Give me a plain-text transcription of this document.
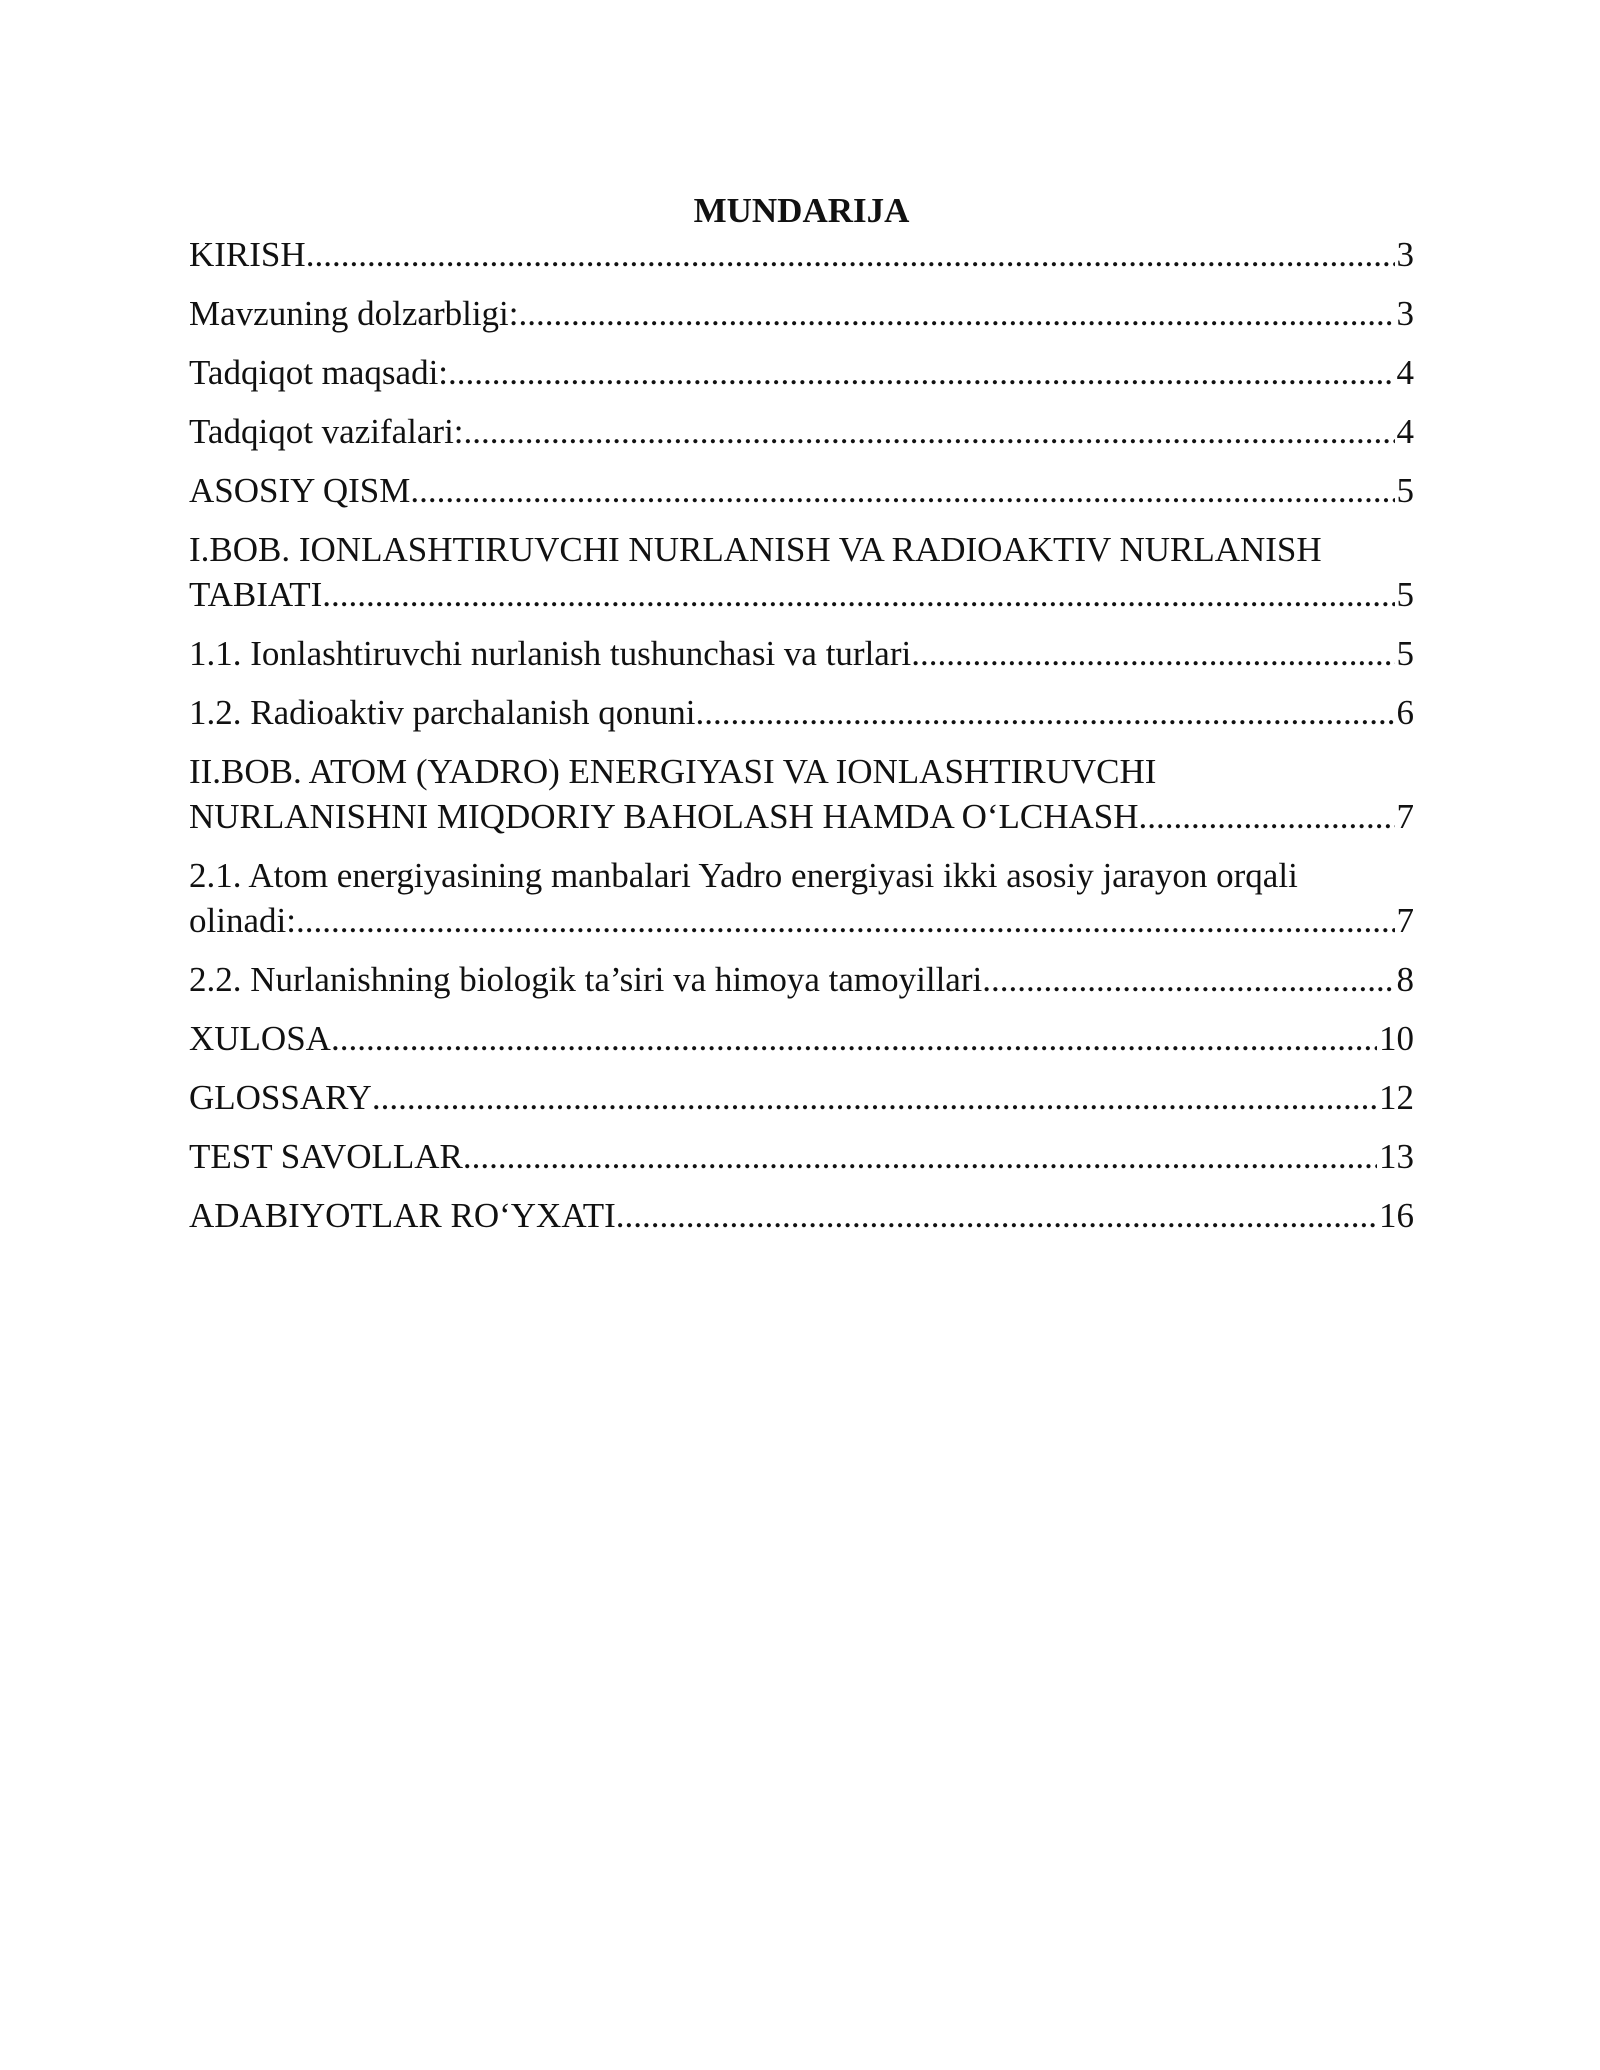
MUNDARIJA
KIRISH .....	3
Mavzuning dolzarbligi: .....	3
Tadqiqot maqsadi: .....	4
Tadqiqot vazifalari: .....	4
ASOSIY QISM .....	5
I.BOB. IONLASHTIRUVCHI NURLANISH VA RADIOAKTIV NURLANISH
TABIATI .....	5
1.1. Ionlashtiruvchi nurlanish tushunchasi va turlari .....	5
1.2. Radioaktiv parchalanish qonuni .....	6
II.BOB. ATOM (YADRO) ENERGIYASI VA IONLASHTIRUVCHI
NURLANISHNI MIQDORIY BAHOLASH HAMDA O‘LCHASH .....	7
2.1. Atom energiyasining manbalari Yadro energiyasi ikki asosiy jarayon orqali
olinadi: .....	7
2.2. Nurlanishning biologik ta’siri va himoya tamoyillari .....	8
XULOSA .....	10
GLOSSARY .....	12
TEST SAVOLLAR .....	13
ADABIYOTLAR RO‘YXATI .....	16
